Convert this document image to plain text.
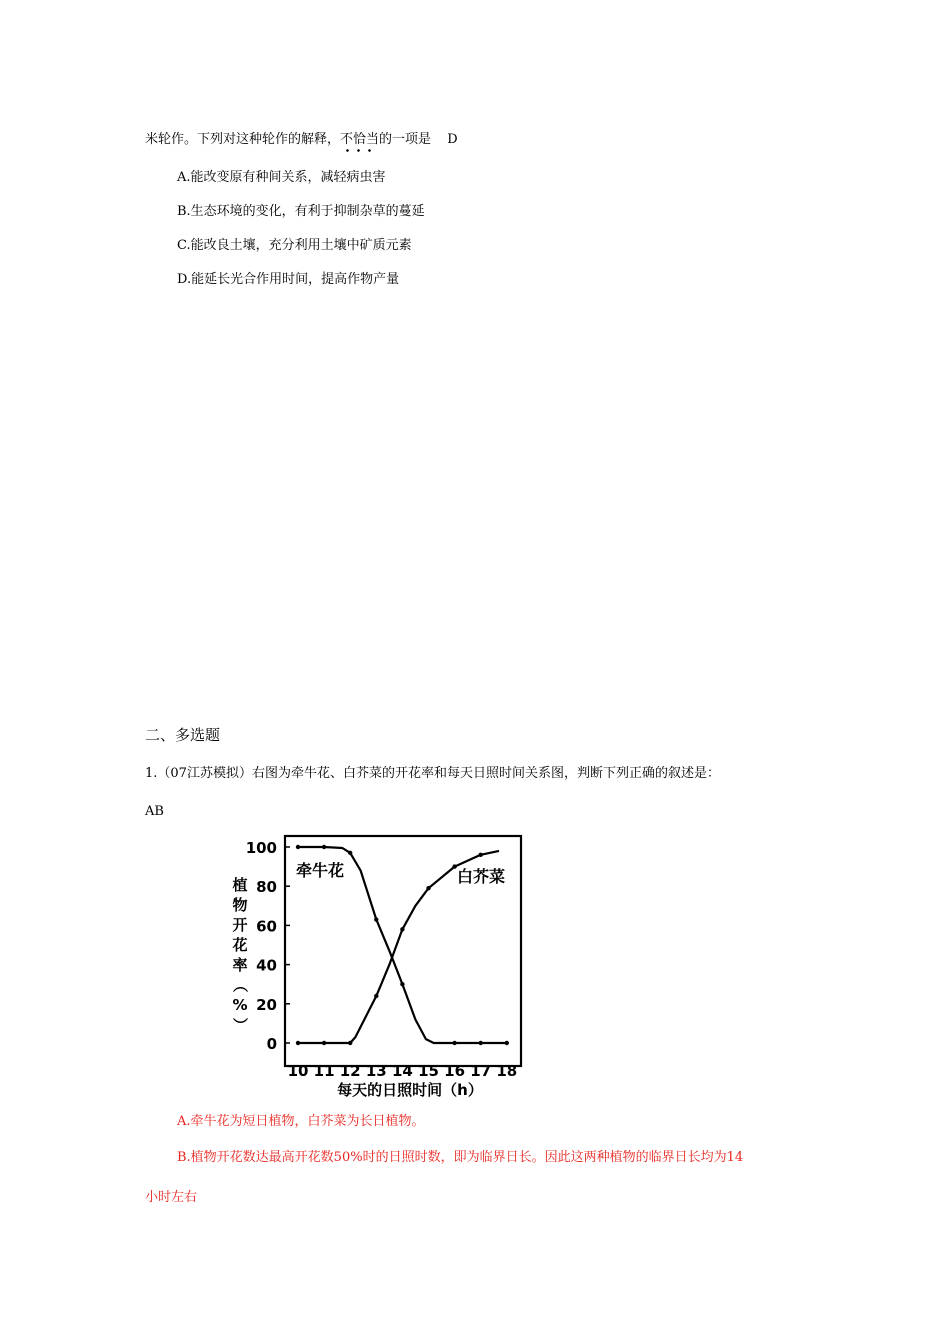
米轮作。下列对这种轮作的解释，不恰当
的一项是 D
A.能改变原有种间关系，减轻病虫害
B.生态环境的变化，有利于抑制杂草的蔓延
C.能改良土壤，充分利用土壤中矿质元素
D.能延长光合作用时间，提高作物产量
二、多选题
1.（07江苏模拟）右图为牵牛花、白芥菜的开花率和每天日照时间关系图，判断下列正确的叙述是：
AB
0
20
40
60
80
100
10 11 12 13 14 15 16 17 18
植
物
开
花
率
（
%
）
每天的日照时间（h）
牵牛花	白芥菜
A.牵牛花为短日植物，白芥菜为长日植物。
B.植物开花数达最高开花数50%时的日照时数，即为临界日长。因此这两种植物的临界日长均为14
小时左右
